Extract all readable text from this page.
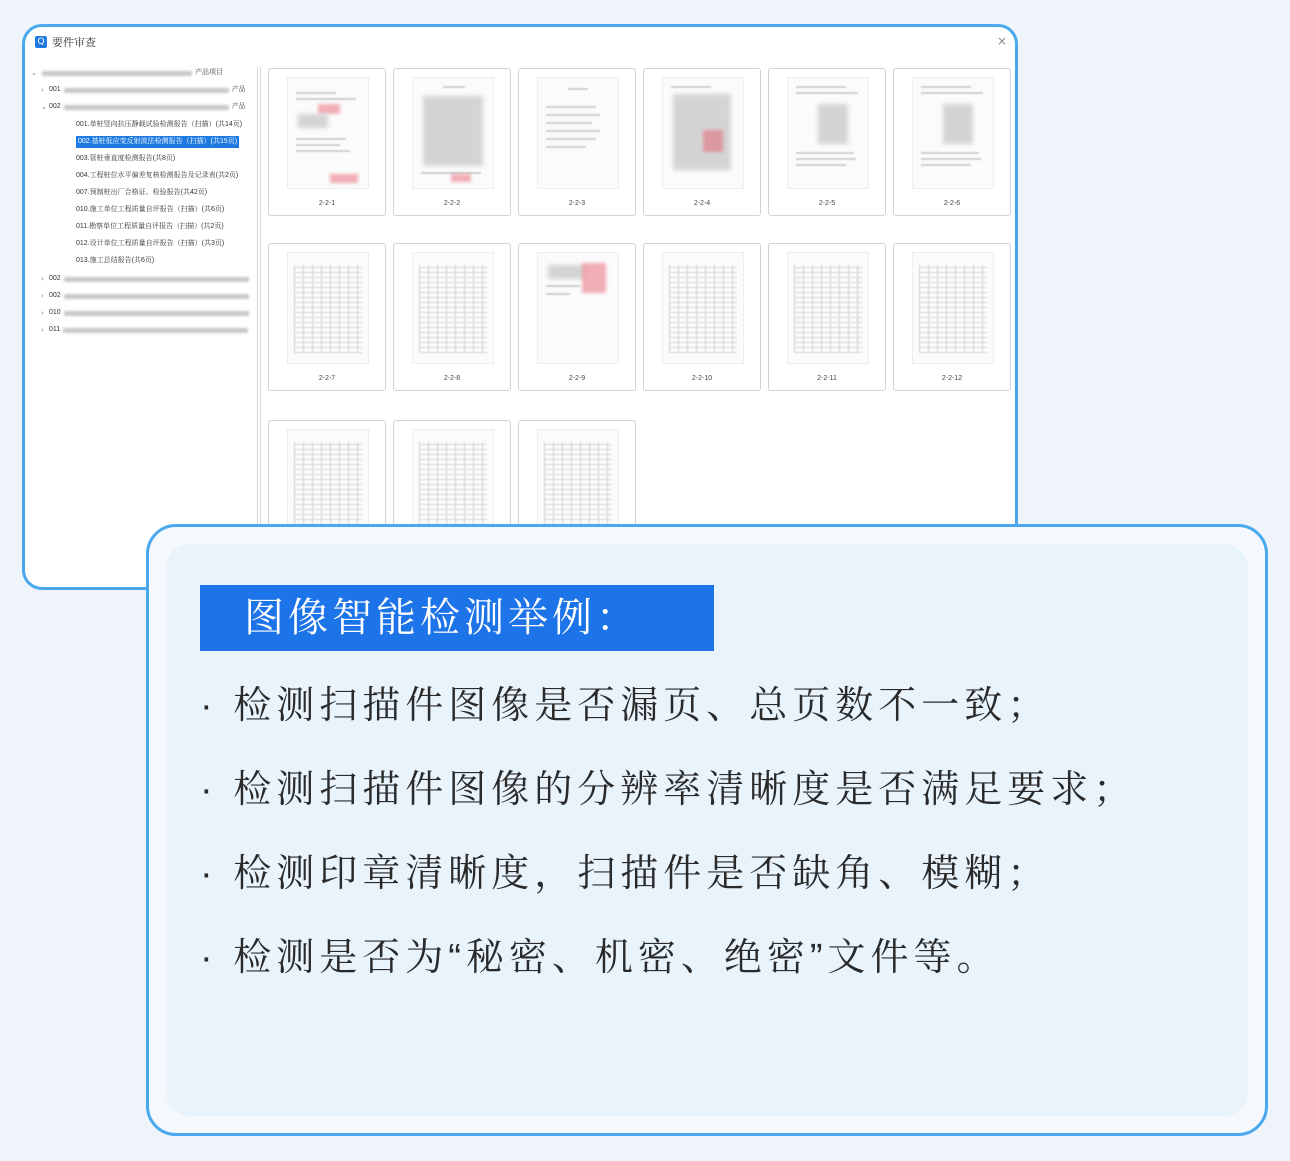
Q 要件审查	×
⌄	产品项目
› 001	产品
⌄ 002	产品
001.单桩竖向抗压静载试验检测报告（扫描）(共14页)
002.基桩低应变反射波法检测报告（扫描）(共15页)
003.管桩垂直度检测报告(共8页)
004.工程桩位水平偏差复核检测报告及记录表(共2页)
007.预制桩出厂合格证、检验报告(共42页)
010.施工单位工程质量自评报告（扫描）(共6页)
011.勘察单位工程质量自评报告（扫描）(共2页)
012.设计单位工程质量自评报告（扫描）(共3页)
013.施工总结报告(共6页)
› 002
› 002
› 010
› 011
2-2-1	2-2-2	2-2-3	2-2-4	2-2-5	2-2-6
2-2-7	2-2-8	2-2-9	2-2-10	2-2-11	2-2-12
图像智能检测举例：

· 检测扫描件图像是否漏页、总页数不一致；

· 检测扫描件图像的分辨率清晰度是否满足要求；

· 检测印章清晰度，扫描件是否缺角、模糊；

· 检测是否为“秘密、机密、绝密”文件等。
